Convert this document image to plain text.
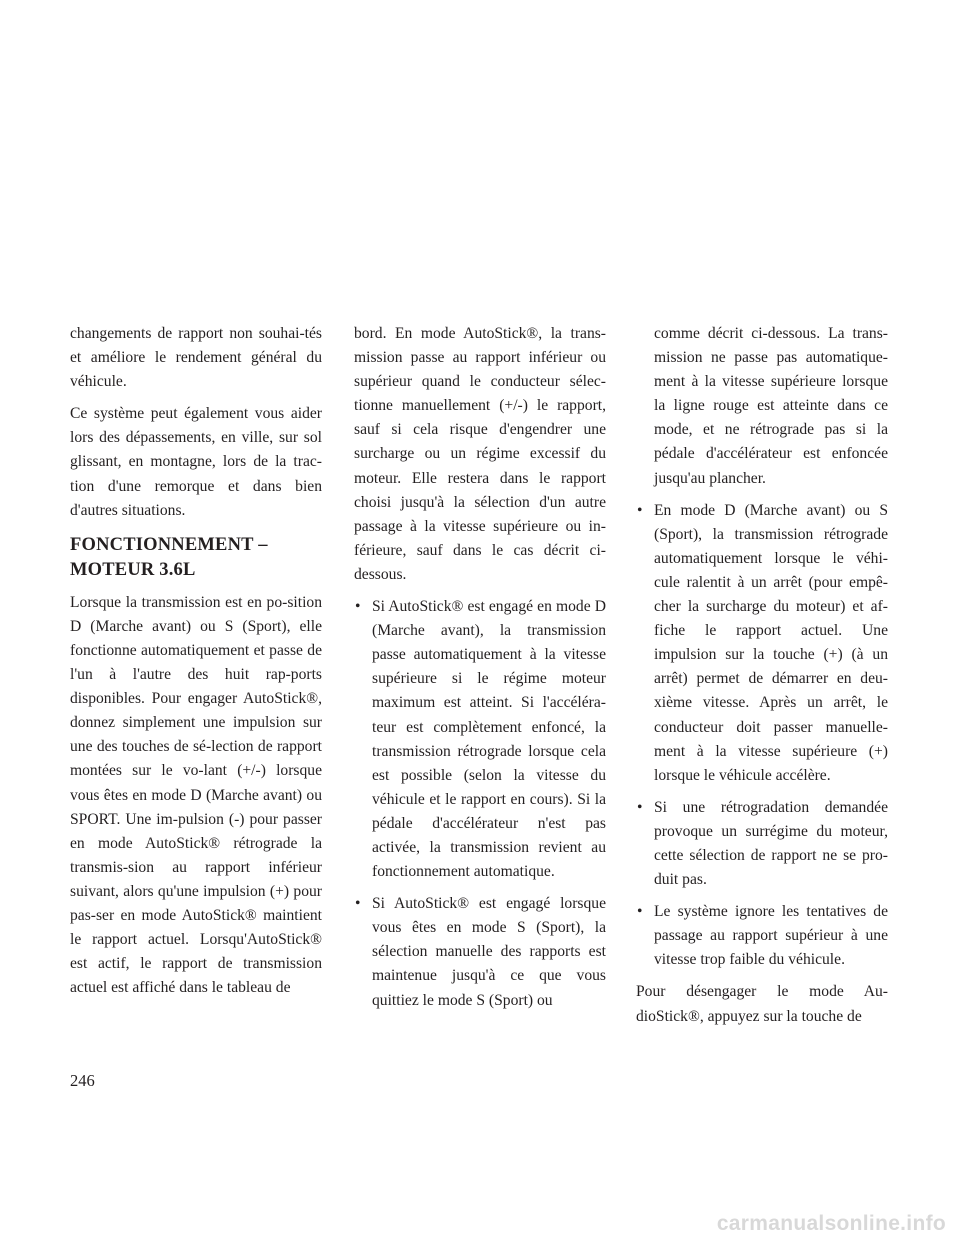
changements de rapport non souhai-tés et améliore le rendement général du véhicule.

Ce système peut également vous aider lors des dépassements, en ville, sur sol glissant, en montagne, lors de la trac-tion d'une remorque et dans bien d'autres situations.

FONCTIONNEMENT –
MOTEUR 3.6L

Lorsque la transmission est en po-sition D (Marche avant) ou S (Sport), elle fonctionne automatiquement et passe de l'un à l'autre des huit rap-ports disponibles. Pour engager AutoStick®, donnez simplement une impulsion sur une des touches de sé-lection de rapport montées sur le vo-lant (+/-) lorsque vous êtes en mode D (Marche avant) ou SPORT. Une im-pulsion (-) pour passer en mode AutoStick® rétrograde la transmis-sion au rapport inférieur suivant, alors qu'une impulsion (+) pour pas-ser en mode AutoStick® maintient le rapport actuel. Lorsqu'AutoStick® est actif, le rapport de transmission actuel est affiché dans le tableau de

bord. En mode AutoStick®, la trans-mission passe au rapport inférieur ou supérieur quand le conducteur sélec-tionne manuellement (+/-) le rapport, sauf si cela risque d'engendrer une surcharge ou un régime excessif du moteur. Elle restera dans le rapport choisi jusqu'à la sélection d'un autre passage à la vitesse supérieure ou in-férieure, sauf dans le cas décrit ci-dessous.

• Si AutoStick® est engagé en mode D (Marche avant), la transmission passe automatiquement à la vitesse supérieure si le régime moteur maximum est atteint. Si l'accéléra-teur est complètement enfoncé, la transmission rétrograde lorsque cela est possible (selon la vitesse du véhicule et le rapport en cours). Si la pédale d'accélérateur n'est pas activée, la transmission revient au fonctionnement automatique.
• Si AutoStick® est engagé lorsque vous êtes en mode S (Sport), la sélection manuelle des rapports est maintenue jusqu'à ce que vous quittiez le mode S (Sport) ou

comme décrit ci-dessous. La trans-mission ne passe pas automatique-ment à la vitesse supérieure lorsque la ligne rouge est atteinte dans ce mode, et ne rétrograde pas si la pédale d'accélérateur est enfoncée jusqu'au plancher.

• En mode D (Marche avant) ou S (Sport), la transmission rétrograde automatiquement lorsque le véhi-cule ralentit à un arrêt (pour empê-cher la surcharge du moteur) et af-fiche le rapport actuel. Une impulsion sur la touche (+) (à un arrêt) permet de démarrer en deu-xième vitesse. Après un arrêt, le conducteur doit passer manuelle-ment à la vitesse supérieure (+) lorsque le véhicule accélère.
• Si une rétrogradation demandée provoque un surrégime du moteur, cette sélection de rapport ne se pro-duit pas.
• Le système ignore les tentatives de passage au rapport supérieur à une vitesse trop faible du véhicule.

Pour désengager le mode Au-dioStick®, appuyez sur la touche de

246
carmanualsonline.info
